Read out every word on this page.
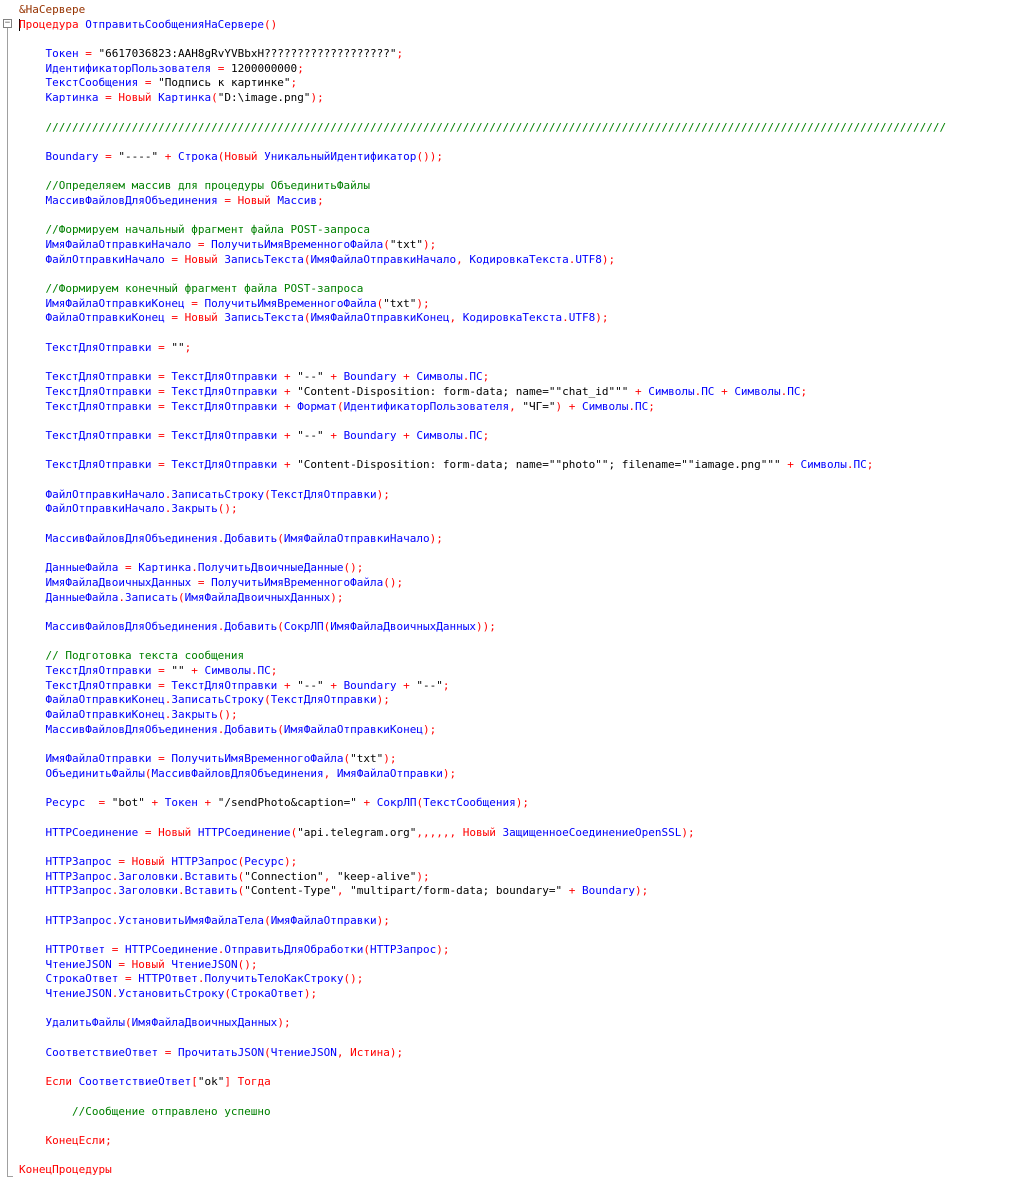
−
&НаСервере
Процедура ОтправитьСообщенияНаСервере()

Токен = "6617036823:AAH8gRvYVBbxH???????????????????";
ИдентификаторПользователя = 1200000000;
ТекстСообщения = "Подпись к картинке";
Картинка = Новый Картинка("D:\image.png");

////////////////////////////////////////////////////////////////////////////////////////////////////////////////////////////////////////

Boundary = "----" + Строка(Новый УникальныйИдентификатор());

//Определяем массив для процедуры ОбъединитьФайлы
МассивФайловДляОбъединения = Новый Массив;

//Формируем начальный фрагмент файла POST-запроса
ИмяФайлаОтправкиНачало = ПолучитьИмяВременногоФайла("txt");
ФайлОтправкиНачало = Новый ЗаписьТекста(ИмяФайлаОтправкиНачало, КодировкаТекста.UTF8);

//Формируем конечный фрагмент файла POST-запроса
ИмяФайлаОтправкиКонец = ПолучитьИмяВременногоФайла("txt");
ФайлаОтправкиКонец = Новый ЗаписьТекста(ИмяФайлаОтправкиКонец, КодировкаТекста.UTF8);

ТекстДляОтправки = "";

ТекстДляОтправки = ТекстДляОтправки + "--" + Boundary + Символы.ПС;
ТекстДляОтправки = ТекстДляОтправки + "Content-Disposition: form-data; name=""chat_id""" + Символы.ПС + Символы.ПС;
ТекстДляОтправки = ТекстДляОтправки + Формат(ИдентификаторПользователя, "ЧГ=") + Символы.ПС;

ТекстДляОтправки = ТекстДляОтправки + "--" + Boundary + Символы.ПС;

ТекстДляОтправки = ТекстДляОтправки + "Content-Disposition: form-data; name=""photo""; filename=""iamage.png""" + Символы.ПС;

ФайлОтправкиНачало.ЗаписатьСтроку(ТекстДляОтправки);
ФайлОтправкиНачало.Закрыть();

МассивФайловДляОбъединения.Добавить(ИмяФайлаОтправкиНачало);

ДанныеФайла = Картинка.ПолучитьДвоичныеДанные();
ИмяФайлаДвоичныхДанных = ПолучитьИмяВременногоФайла();
ДанныеФайла.Записать(ИмяФайлаДвоичныхДанных);

МассивФайловДляОбъединения.Добавить(СокрЛП(ИмяФайлаДвоичныхДанных));

// Подготовка текста сообщения
ТекстДляОтправки = "" + Символы.ПС;
ТекстДляОтправки = ТекстДляОтправки + "--" + Boundary + "--";
ФайлаОтправкиКонец.ЗаписатьСтроку(ТекстДляОтправки);
ФайлаОтправкиКонец.Закрыть();
МассивФайловДляОбъединения.Добавить(ИмяФайлаОтправкиКонец);

ИмяФайлаОтправки = ПолучитьИмяВременногоФайла("txt");
ОбъединитьФайлы(МассивФайловДляОбъединения, ИмяФайлаОтправки);

Ресурс = "bot" + Токен + "/sendPhoto&caption=" + СокрЛП(ТекстСообщения);

HTTPСоединение = Новый HTTPСоединение("api.telegram.org",,,,,, Новый ЗащищенноеСоединениеOpenSSL);

HTTPЗапрос = Новый HTTPЗапрос(Ресурс);
HTTPЗапрос.Заголовки.Вставить("Connection", "keep-alive");
HTTPЗапрос.Заголовки.Вставить("Content-Type", "multipart/form-data; boundary=" + Boundary);

HTTPЗапрос.УстановитьИмяФайлаТела(ИмяФайлаОтправки);

HTTPОтвет = HTTPСоединение.ОтправитьДляОбработки(HTTPЗапрос);
ЧтениеJSON = Новый ЧтениеJSON();
СтрокаОтвет = HTTPОтвет.ПолучитьТелоКакСтроку();
ЧтениеJSON.УстановитьСтроку(СтрокаОтвет);

УдалитьФайлы(ИмяФайлаДвоичныхДанных);

СоответствиеОтвет = ПрочитатьJSON(ЧтениеJSON, Истина);

Если СоответствиеОтвет["ok"] Тогда

//Сообщение отправлено успешно

КонецЕсли;

КонецПроцедуры
